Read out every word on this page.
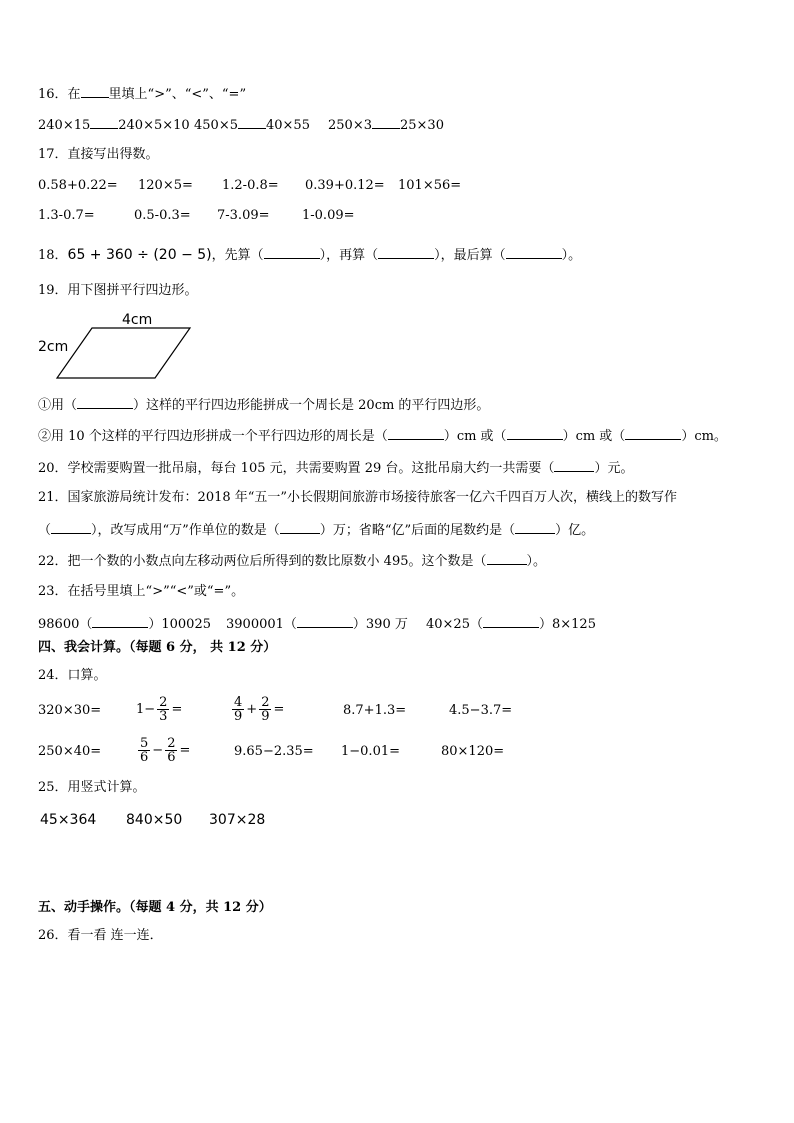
16．在 里填上“>”、“<”、“=”
240×15 240×5×10 450×5 40×55 250×3 25×30
17．直接写出得数。
0.58+0.22= 120×5= 1.2-0.8= 0.39+0.12= 101×56=
1.3-0.7=	0.5-0.3= 7-3.09= 1-0.09=
18．65 + 360 ÷ (20 − 5)，先算（	），再算（	），最后算（	）。
19．用下图拼平行四边形。
4cm
2cm
①用（	）这样的平行四边形能拼成一个周长是 20cm 的平行四边形。
②用 10 个这样的平行四边形拼成一个平行四边形的周长是（	）cm 或（	）cm 或（	）cm。
20．学校需要购置一批吊扇，每台 105 元，共需要购置 29 台。这批吊扇大约一共需要（	）元。
21．国家旅游局统计发布：2018 年“五一”小长假期间旅游市场接待旅客一亿六千四百万人次，横线上的数写作
（	），改写成用“万”作单位的数是（	）万；省略“亿”后面的尾数约是（	）亿。
22．把一个数的小数点向左移动两位后所得到的数比原数小 495。这个数是（	）。
23．在括号里填上“>”“<”或“=”。
98600（	）100025 3900001（	）390 万 40×25（	）8×125
四、我会计算。（每题 6 分， 共 12 分）
24．口算。
320×30=	$1- \frac{2}{3}$ =	$\frac{4}{9} + \frac{2}{9}$ =	8.7+1.3=	4.5−3.7=
250×40=	$\frac{5}{6} - \frac{2}{6}$ =	9.65−2.35= 1−0.01=	80×120=
25．用竖式计算。
45×364 840×50 307×28
五、动手操作。（每题 4 分，共 12 分）
26．看一看 连一连．
